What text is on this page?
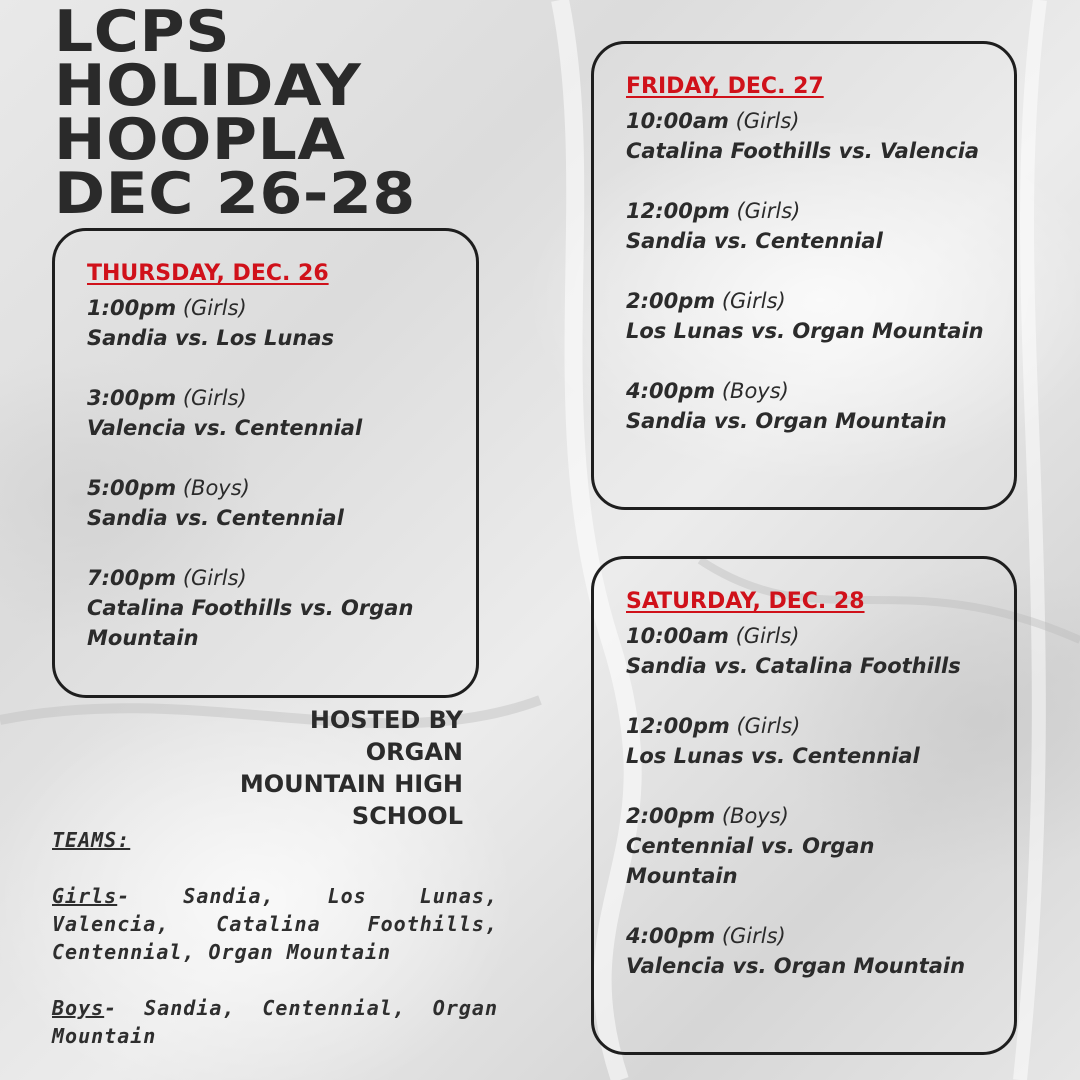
LCPS
HOLIDAY
HOOPLA
DEC 26-28
THURSDAY, DEC. 26
1:00pm (Girls)
Sandia vs. Los Lunas
3:00pm (Girls)
Valencia vs. Centennial
5:00pm (Boys)
Sandia vs. Centennial
7:00pm (Girls)
Catalina Foothills vs. Organ Mountain
FRIDAY, DEC. 27
10:00am (Girls)
Catalina Foothills vs. Valencia
12:00pm (Girls)
Sandia vs. Centennial
2:00pm (Girls)
Los Lunas vs. Organ Mountain
4:00pm (Boys)
Sandia vs. Organ Mountain
SATURDAY, DEC. 28
10:00am (Girls)
Sandia vs. Catalina Foothills
12:00pm (Girls)
Los Lunas vs. Centennial
2:00pm (Boys)
Centennial vs. Organ Mountain
4:00pm (Girls)
Valencia vs. Organ Mountain
HOSTED BY
ORGAN
MOUNTAIN HIGH
SCHOOL

TEAMS:

Girls- Sandia, Los Lunas, Valencia, Catalina Foothills, Centennial, Organ Mountain

Boys- Sandia, Centennial, Organ Mountain
